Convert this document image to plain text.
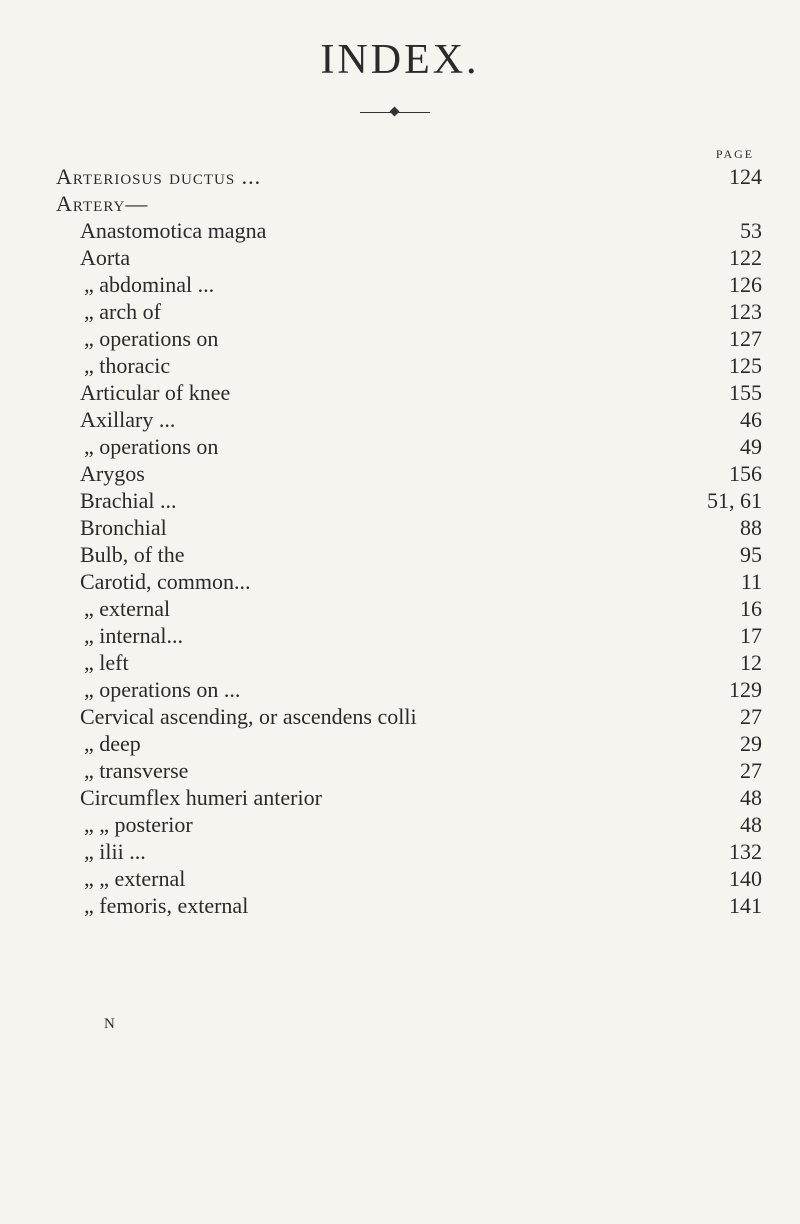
INDEX.
PAGE
Arteriosus ductus ...	124
Artery—
Anastomotica magna	53
Aorta	122
„ abdominal ...	126
„ arch of	123
„ operations on	127
„ thoracic	125
Articular of knee	155
Axillary ...	46
„ operations on	49
Arygos	156
Brachial ...	51, 61
Bronchial	88
Bulb, of the	95
Carotid, common...	11
„ external	16
„ internal...	17
„ left	12
„ operations on ...	129
Cervical ascending, or ascendens colli	27
„ deep	29
„ transverse	27
Circumflex humeri anterior	48
„ „ posterior	48
„ ilii ...	132
„ „ external	140
„ femoris, external	141
N
